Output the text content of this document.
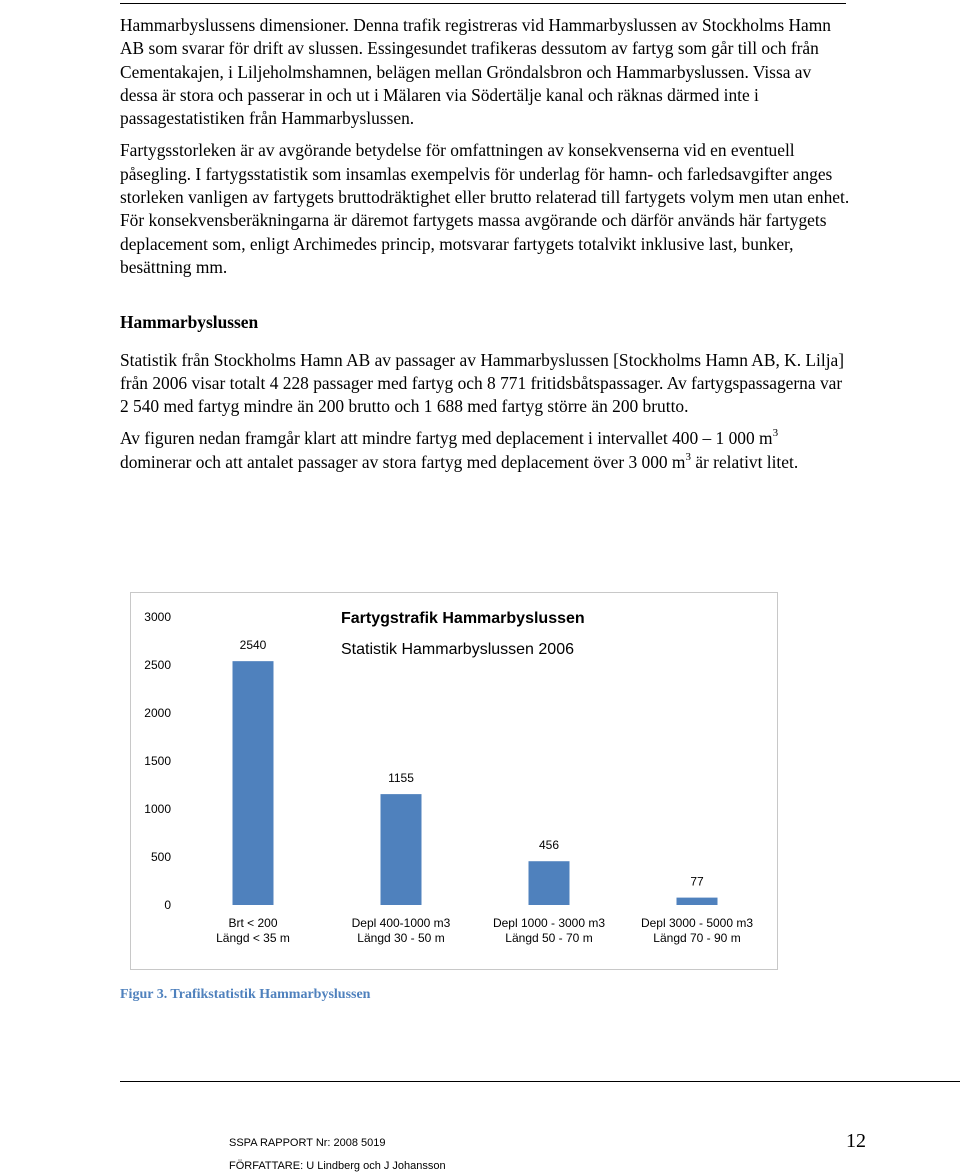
Hammarbyslussens dimensioner. Denna trafik registreras vid Hammarbyslussen av Stockholms Hamn AB som svarar för drift av slussen. Essingesundet trafikeras dessutom av fartyg som går till och från Cementakajen, i Liljeholmshamnen, belägen mellan Gröndalsbron och Hammarbyslussen. Vissa av dessa är stora och passerar in och ut i Mälaren via Södertälje kanal och räknas därmed inte i passagestatistiken från Hammarbyslussen.

Fartygsstorleken är av avgörande betydelse för omfattningen av konsekvenserna vid en eventuell påsegling. I fartygsstatistik som insamlas exempelvis för underlag för hamn- och farledsavgifter anges storleken vanligen av fartygets bruttodräktighet eller brutto relaterad till fartygets volym men utan enhet. För konsekvensberäkningarna är däremot fartygets massa avgörande och därför används här fartygets deplacement som, enligt Archimedes princip, motsvarar fartygets totalvikt inklusive last, bunker, besättning mm.

Hammarbyslussen

Statistik från Stockholms Hamn AB av passager av Hammarbyslussen [Stockholms Hamn AB, K. Lilja] från 2006 visar totalt 4 228 passager med fartyg och 8 771 fritidsbåtspassager. Av fartygspassagerna var 2 540 med fartyg mindre än 200 brutto och 1 688 med fartyg större än 200 brutto.

Av figuren nedan framgår klart att mindre fartyg med deplacement i intervallet 400 – 1 000 $m^3$ dominerar och att antalet passager av stora fartyg med deplacement över 3 000 $m^3$ är relativt litet.

Fartygstrafik Hammarbyslussen
Statistik Hammarbyslussen 2006
0
500
1000
1500
2000
2500
3000
2540
Brt < 200
Längd < 35 m
1155
Depl 400-1000 m3
Längd 30 - 50 m
456
Depl 1000 - 3000 m3
Längd 50 - 70 m
77
Depl 3000 - 5000 m3
Längd 70 - 90 m
Figur 3. Trafikstatistik Hammarbyslussen
SSPA RAPPORT Nr: 2008 5019
FÖRFATTARE: U Lindberg och J Johansson
12
